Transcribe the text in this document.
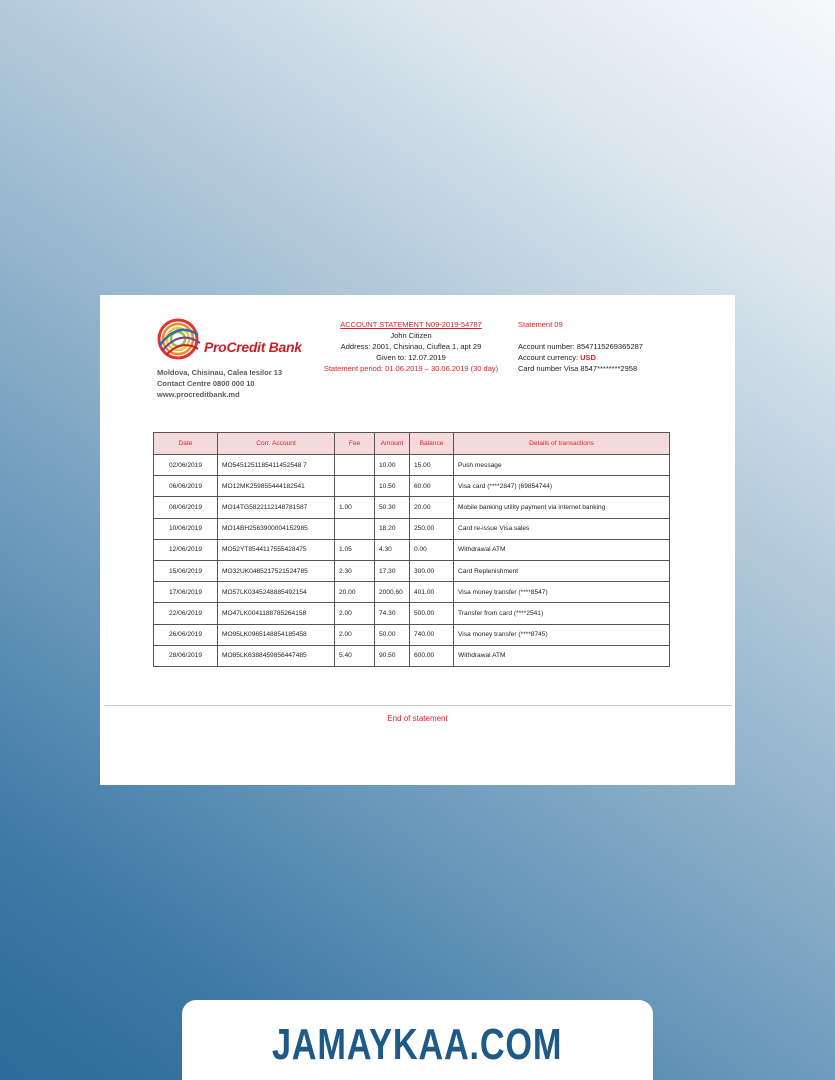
ProCredit Bank
Moldova, Chisinau, Calea Iesilor 13
Contact Centre 0800 000 10
www.procreditbank.md
ACCOUNT STATEMENT N09-2019-54787
John Citizen
Address: 2001, Chisinau, Ciuflea 1, apt 29
Given to: 12.07.2019
Statement period: 01.06.2019 – 30.06.2019 (30 day)
Statement 09
Account number: 8547115269365287
Account currency: USD
Card number Visa 8547********2958
Date	Corr. Account	Fee	Amount	Balance	Details of transactions
02/06/2019	MO5451251185411452548 7		10.00	15.00	Push message
06/06/2019	MO12MK259855444182541		10.50	60.00	Visa card (****2847) (69854744)
08/06/2019	MO14TG5822112148781587	1.00	50.30	20.00	Mobile banking utility payment via internet banking
10/06/2019	MO14BH2563900004152985		18.20	250.00	Card re-issue Visa sales
12/06/2019	MO52YT8544117555428475	1.05	4.30	0.00	Withdrawal ATM
15/06/2019	MO32UK0485217521524785	2.30	17.30	300.00	Card Replenishment
17/06/2019	MO57LK0345248885492154	20.00	2000.60	401.00	Visa money transfer (****8547)
22/06/2019	MO47LK0041188785264158	2.00	74.30	500.00	Transfer from card (****2541)
26/06/2019	MO95LK0965148854185458	2.00	50.00	740.00	Visa money transfer (****8745)
28/06/2019	MO85LK6388459856447485	5.40	90.50	600.00	Withdrawal ATM
End of statement
JAMAYKAA.COM
